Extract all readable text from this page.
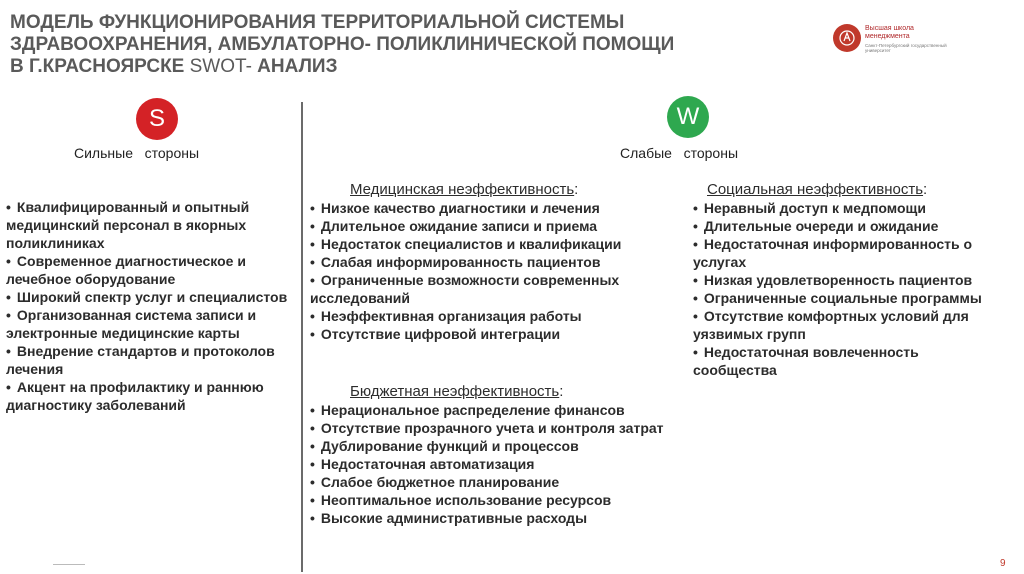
МОДЕЛЬ ФУНКЦИОНИРОВАНИЯ ТЕРРИТОРИАЛЬНОЙ СИСТЕМЫ
ЗДРАВООХРАНЕНИЯ, АМБУЛАТОРНО- ПОЛИКЛИНИЧЕСКОЙ ПОМОЩИ
В Г.КРАСНОЯРСКЕ SWOT- АНАЛИЗ
Высшая школа менеджмента
Санкт-Петербургский государственный университет
S
Сильные   стороны
W
Слабые   стороны
• Квалифицированный и опытный медицинский персонал в якорных поликлиниках
• Современное диагностическое и лечебное оборудование
• Широкий спектр услуг и специалистов
• Организованная система записи и электронные медицинские карты
• Внедрение стандартов и протоколов лечения
• Акцент на профилактику и раннюю диагностику заболеваний
Медицинская неэффективность:
• Низкое качество диагностики и лечения
• Длительное ожидание записи и приема
• Недостаток специалистов и квалификации
• Слабая информированность пациентов
• Ограниченные возможности современных исследований
• Неэффективная организация работы
• Отсутствие цифровой интеграции
Бюджетная неэффективность:
• Нерациональное распределение финансов
• Отсутствие прозрачного учета и контроля затрат
• Дублирование функций и процессов
• Недостаточная автоматизация
• Слабое бюджетное планирование
• Неоптимальное использование ресурсов
• Высокие административные расходы
Социальная неэффективность:
• Неравный доступ к медпомощи
• Длительные очереди и ожидание
• Недостаточная информированность о услугах
• Низкая удовлетворенность пациентов
• Ограниченные социальные программы
• Отсутствие комфортных условий для уязвимых групп
• Недостаточная вовлеченность сообщества
9
